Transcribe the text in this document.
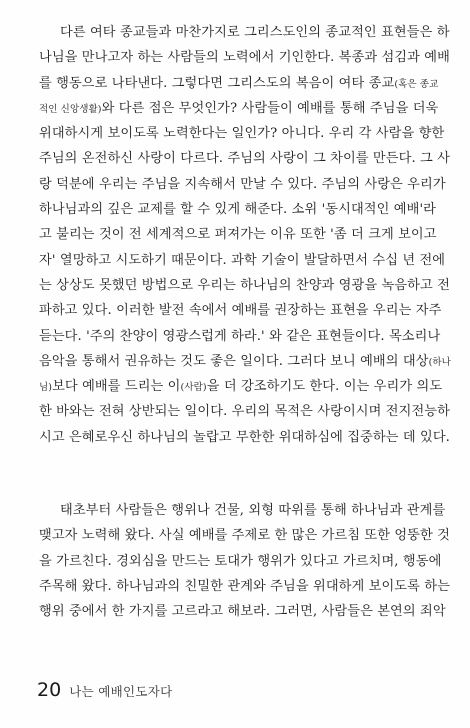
다른 여타 종교들과 마찬가지로 그리스도인의 종교적인 표현들은 하
나님을 만나고자 하는 사람들의 노력에서 기인한다. 복종과 섬김과 예배
를 행동으로 나타낸다. 그렇다면 그리스도의 복음이 여타 종교(혹은 종교
적인 신앙생활)와 다른 점은 무엇인가? 사람들이 예배를 통해 주님을 더욱
위대하시게 보이도록 노력한다는 일인가? 아니다. 우리 각 사람을 향한
주님의 온전하신 사랑이 다르다. 주님의 사랑이 그 차이를 만든다. 그 사
랑 덕분에 우리는 주님을 지속해서 만날 수 있다. 주님의 사랑은 우리가
하나님과의 깊은 교제를 할 수 있게 해준다. 소위 '동시대적인 예배'라
고 불리는 것이 전 세계적으로 퍼져가는 이유 또한 '좀 더 크게 보이고
자' 열망하고 시도하기 때문이다. 과학 기술이 발달하면서 수십 년 전에
는 상상도 못했던 방법으로 우리는 하나님의 찬양과 영광을 녹음하고 전
파하고 있다. 이러한 발전 속에서 예배를 권장하는 표현을 우리는 자주
듣는다. '주의 찬양이 영광스럽게 하라.' 와 같은 표현들이다. 목소리나
음악을 통해서 권유하는 것도 좋은 일이다. 그러다 보니 예배의 대상(하나
님)보다 예배를 드리는 이(사람)을 더 강조하기도 한다. 이는 우리가 의도
한 바와는 전혀 상반되는 일이다. 우리의 목적은 사랑이시며 전지전능하
시고 은혜로우신 하나님의 놀랍고 무한한 위대하심에 집중하는 데 있다.
태초부터 사람들은 행위나 건물, 외형 따위를 통해 하나님과 관계를
맺고자 노력해 왔다. 사실 예배를 주제로 한 많은 가르침 또한 엉뚱한 것
을 가르친다. 경외심을 만드는 토대가 행위가 있다고 가르치며, 행동에
주목해 왔다. 하나님과의 친밀한 관계와 주님을 위대하게 보이도록 하는
행위 중에서 한 가지를 고르라고 해보라. 그러면, 사람들은 본연의 죄악
20 나는 예배인도자다
